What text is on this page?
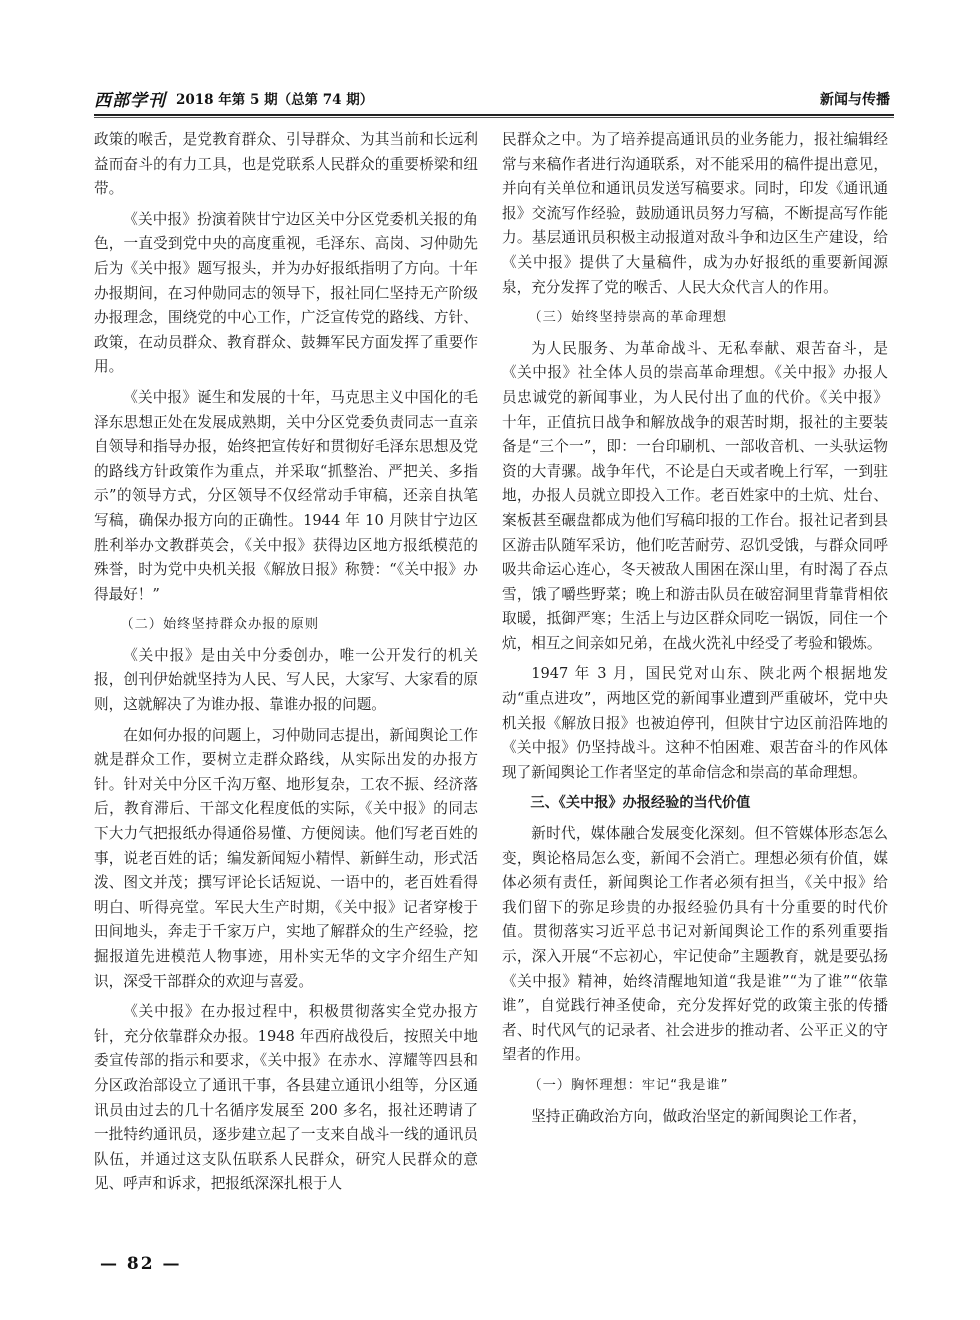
西部学刊 2018 年第 5 期（总第 74 期）	新闻与传播

政策的喉舌，是党教育群众、引导群众、为其当前和长远利益而奋斗的有力工具，也是党联系人民群众的重要桥梁和纽带。

《关中报》扮演着陕甘宁边区关中分区党委机关报的角色，一直受到党中央的高度重视，毛泽东、高岗、习仲勋先后为《关中报》题写报头，并为办好报纸指明了方向。十年办报期间，在习仲勋同志的领导下，报社同仁坚持无产阶级办报理念，围绕党的中心工作，广泛宣传党的路线、方针、政策，在动员群众、教育群众、鼓舞军民方面发挥了重要作用。

《关中报》诞生和发展的十年，马克思主义中国化的毛泽东思想正处在发展成熟期，关中分区党委负责同志一直亲自领导和指导办报，始终把宣传好和贯彻好毛泽东思想及党的路线方针政策作为重点，并采取“抓整治、严把关、多指示”的领导方式，分区领导不仅经常动手审稿，还亲自执笔写稿，确保办报方向的正确性。1944 年 10 月陕甘宁边区胜利举办文教群英会，《关中报》获得边区地方报纸模范的殊誉，时为党中央机关报《解放日报》称赞：“《关中报》办得最好！”

（二）始终坚持群众办报的原则

《关中报》是由关中分委创办，唯一公开发行的机关报，创刊伊始就坚持为人民、写人民，大家写、大家看的原则，这就解决了为谁办报、靠谁办报的问题。

在如何办报的问题上，习仲勋同志提出，新闻舆论工作就是群众工作，要树立走群众路线，从实际出发的办报方针。针对关中分区千沟万壑、地形复杂，工农不振、经济落后，教育滞后、干部文化程度低的实际，《关中报》的同志下大力气把报纸办得通俗易懂、方便阅读。他们写老百姓的事，说老百姓的话；编发新闻短小精悍、新鲜生动，形式活泼、图文并茂；撰写评论长话短说、一语中的，老百姓看得明白、听得亮堂。军民大生产时期，《关中报》记者穿梭于田间地头，奔走于千家万户，实地了解群众的生产经验，挖掘报道先进模范人物事迹，用朴实无华的文字介绍生产知识，深受干部群众的欢迎与喜爱。

《关中报》在办报过程中，积极贯彻落实全党办报方针，充分依靠群众办报。1948 年西府战役后，按照关中地委宣传部的指示和要求，《关中报》在赤水、淳耀等四县和分区政治部设立了通讯干事，各县建立通讯小组等，分区通讯员由过去的几十名循序发展至 200 多名，报社还聘请了一批特约通讯员，逐步建立起了一支来自战斗一线的通讯员队伍，并通过这支队伍联系人民群众，研究人民群众的意见、呼声和诉求，把报纸深深扎根于人

民群众之中。为了培养提高通讯员的业务能力，报社编辑经常与来稿作者进行沟通联系，对不能采用的稿件提出意见，并向有关单位和通讯员发送写稿要求。同时，印发《通讯通报》交流写作经验，鼓励通讯员努力写稿，不断提高写作能力。基层通讯员积极主动报道对敌斗争和边区生产建设，给《关中报》提供了大量稿件，成为办好报纸的重要新闻源泉，充分发挥了党的喉舌、人民大众代言人的作用。

（三）始终坚持崇高的革命理想

为人民服务、为革命战斗、无私奉献、艰苦奋斗，是《关中报》社全体人员的崇高革命理想。《关中报》办报人员忠诚党的新闻事业，为人民付出了血的代价。《关中报》十年，正值抗日战争和解放战争的艰苦时期，报社的主要装备是“三个一”，即：一台印刷机、一部收音机、一头驮运物资的大青骡。战争年代，不论是白天或者晚上行军，一到驻地，办报人员就立即投入工作。老百姓家中的土炕、灶台、案板甚至碾盘都成为他们写稿印报的工作台。报社记者到县区游击队随军采访，他们吃苦耐劳、忍饥受饿，与群众同呼吸共命运心连心，冬天被敌人围困在深山里，有时渴了吞点雪，饿了嚼些野菜；晚上和游击队员在破窑洞里背靠背相依取暖，抵御严寒；生活上与边区群众同吃一锅饭，同住一个炕，相互之间亲如兄弟，在战火洗礼中经受了考验和锻炼。

1947 年 3 月，国民党对山东、陕北两个根据地发动“重点进攻”，两地区党的新闻事业遭到严重破坏，党中央机关报《解放日报》也被迫停刊，但陕甘宁边区前沿阵地的《关中报》仍坚持战斗。这种不怕困难、艰苦奋斗的作风体现了新闻舆论工作者坚定的革命信念和崇高的革命理想。

三、《关中报》办报经验的当代价值

新时代，媒体融合发展变化深刻。但不管媒体形态怎么变，舆论格局怎么变，新闻不会消亡。理想必须有价值，媒体必须有责任，新闻舆论工作者必须有担当，《关中报》给我们留下的弥足珍贵的办报经验仍具有十分重要的时代价值。贯彻落实习近平总书记对新闻舆论工作的系列重要指示，深入开展“不忘初心，牢记使命”主题教育，就是要弘扬《关中报》精神，始终清醒地知道“我是谁”“为了谁”“依靠谁”，自觉践行神圣使命，充分发挥好党的政策主张的传播者、时代风气的记录者、社会进步的推动者、公平正义的守望者的作用。

（一）胸怀理想：牢记“我是谁”

坚持正确政治方向，做政治坚定的新闻舆论工作者，

— 82 —
